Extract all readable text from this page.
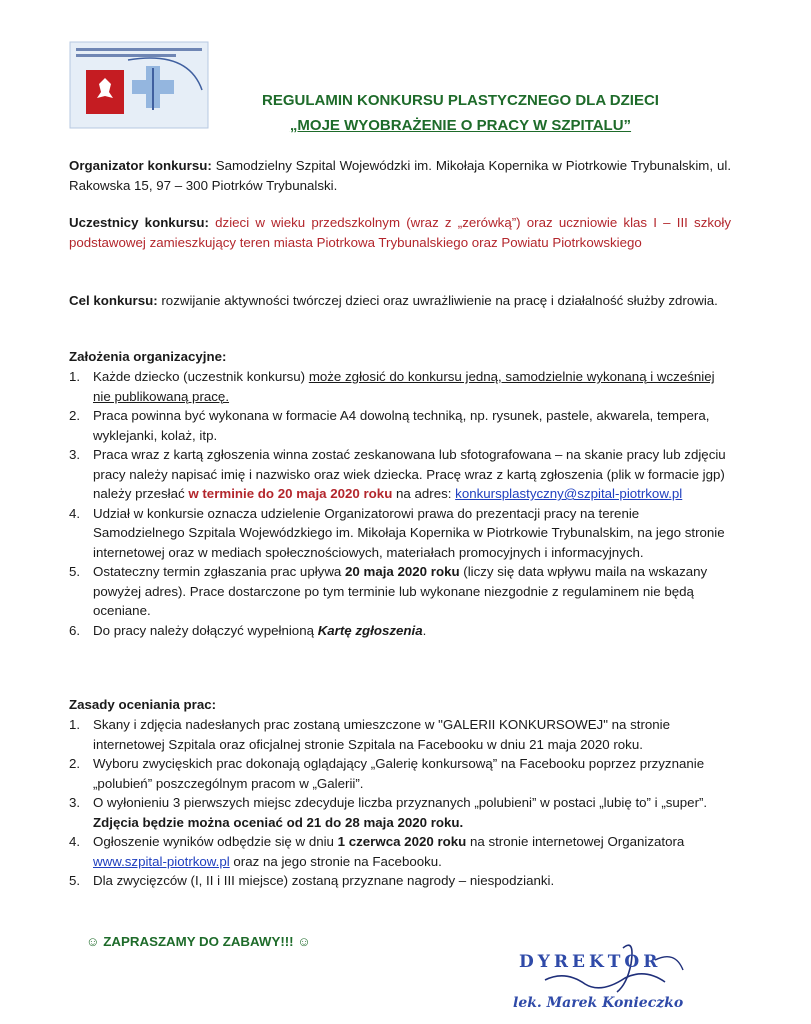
REGULAMIN KONKURSU PLASTYCZNEGO DLA DZIECI
„MOJE WYOBRAŻENIE O PRACY W SZPITALU”
Organizator konkursu: Samodzielny Szpital Wojewódzki im. Mikołaja Kopernika w Piotrkowie Trybunalskim, ul. Rakowska 15, 97 – 300 Piotrków Trybunalski.
Uczestnicy konkursu: dzieci w wieku przedszkolnym (wraz z „zerówką”) oraz uczniowie klas I – III szkoły podstawowej zamieszkujący teren miasta Piotrkowa Trybunalskiego oraz Powiatu Piotrkowskiego
Cel konkursu: rozwijanie aktywności twórczej dzieci oraz uwrażliwienie na pracę i działalność służby zdrowia.
Założenia organizacyjne:
1. Każde dziecko (uczestnik konkursu) może zgłosić do konkursu jedną, samodzielnie wykonaną i wcześniej nie publikowaną pracę.
2. Praca powinna być wykonana w formacie A4 dowolną techniką, np. rysunek, pastele, akwarela, tempera, wyklejanki, kolaż, itp.
3. Praca wraz z kartą zgłoszenia winna zostać zeskanowana lub sfotografowana – na skanie pracy lub zdjęciu pracy należy napisać imię i nazwisko oraz wiek dziecka. Pracę wraz z kartą zgłoszenia (plik w formacie jgp) należy przesłać w terminie do 20 maja 2020 roku na adres: konkursplastyczny@szpital-piotrkow.pl
4. Udział w konkursie oznacza udzielenie Organizatorowi prawa do prezentacji pracy na terenie Samodzielnego Szpitala Wojewódzkiego im. Mikołaja Kopernika w Piotrkowie Trybunalskim, na jego stronie internetowej oraz w mediach społecznościowych, materiałach promocyjnych i informacyjnych.
5. Ostateczny termin zgłaszania prac upływa 20 maja 2020 roku (liczy się data wpływu maila na wskazany powyżej adres). Prace dostarczone po tym terminie lub wykonane niezgodnie z regulaminem nie będą oceniane.
6. Do pracy należy dołączyć wypełnioną Kartę zgłoszenia.
Zasady oceniania prac:
1. Skany i zdjęcia nadesłanych prac zostaną umieszczone w "GALERII KONKURSOWEJ" na stronie internetowej Szpitala oraz oficjalnej stronie Szpitala na Facebooku w dniu 21 maja 2020 roku.
2. Wyboru zwycięskich prac dokonają oglądający „Galerię konkursową” na Facebooku poprzez przyznanie „polubień” poszczególnym pracom w „Galerii”.
3. O wyłonieniu 3 pierwszych miejsc zdecyduje liczba przyznanych „polubieni” w postaci „lubię to” i „super”. Zdjęcia będzie można oceniać od 21 do 28 maja 2020 roku.
4. Ogłoszenie wyników odbędzie się w dniu 1 czerwca 2020 roku na stronie internetowej Organizatora www.szpital-piotrkow.pl oraz na jego stronie na Facebooku.
5. Dla zwycięzców (I, II i III miejsce) zostaną przyznane nagrody – niespodzianki.
☺ ZAPRASZAMY DO ZABAWY!!! ☺
DYREKTOR
lek. Marek Konieczko
